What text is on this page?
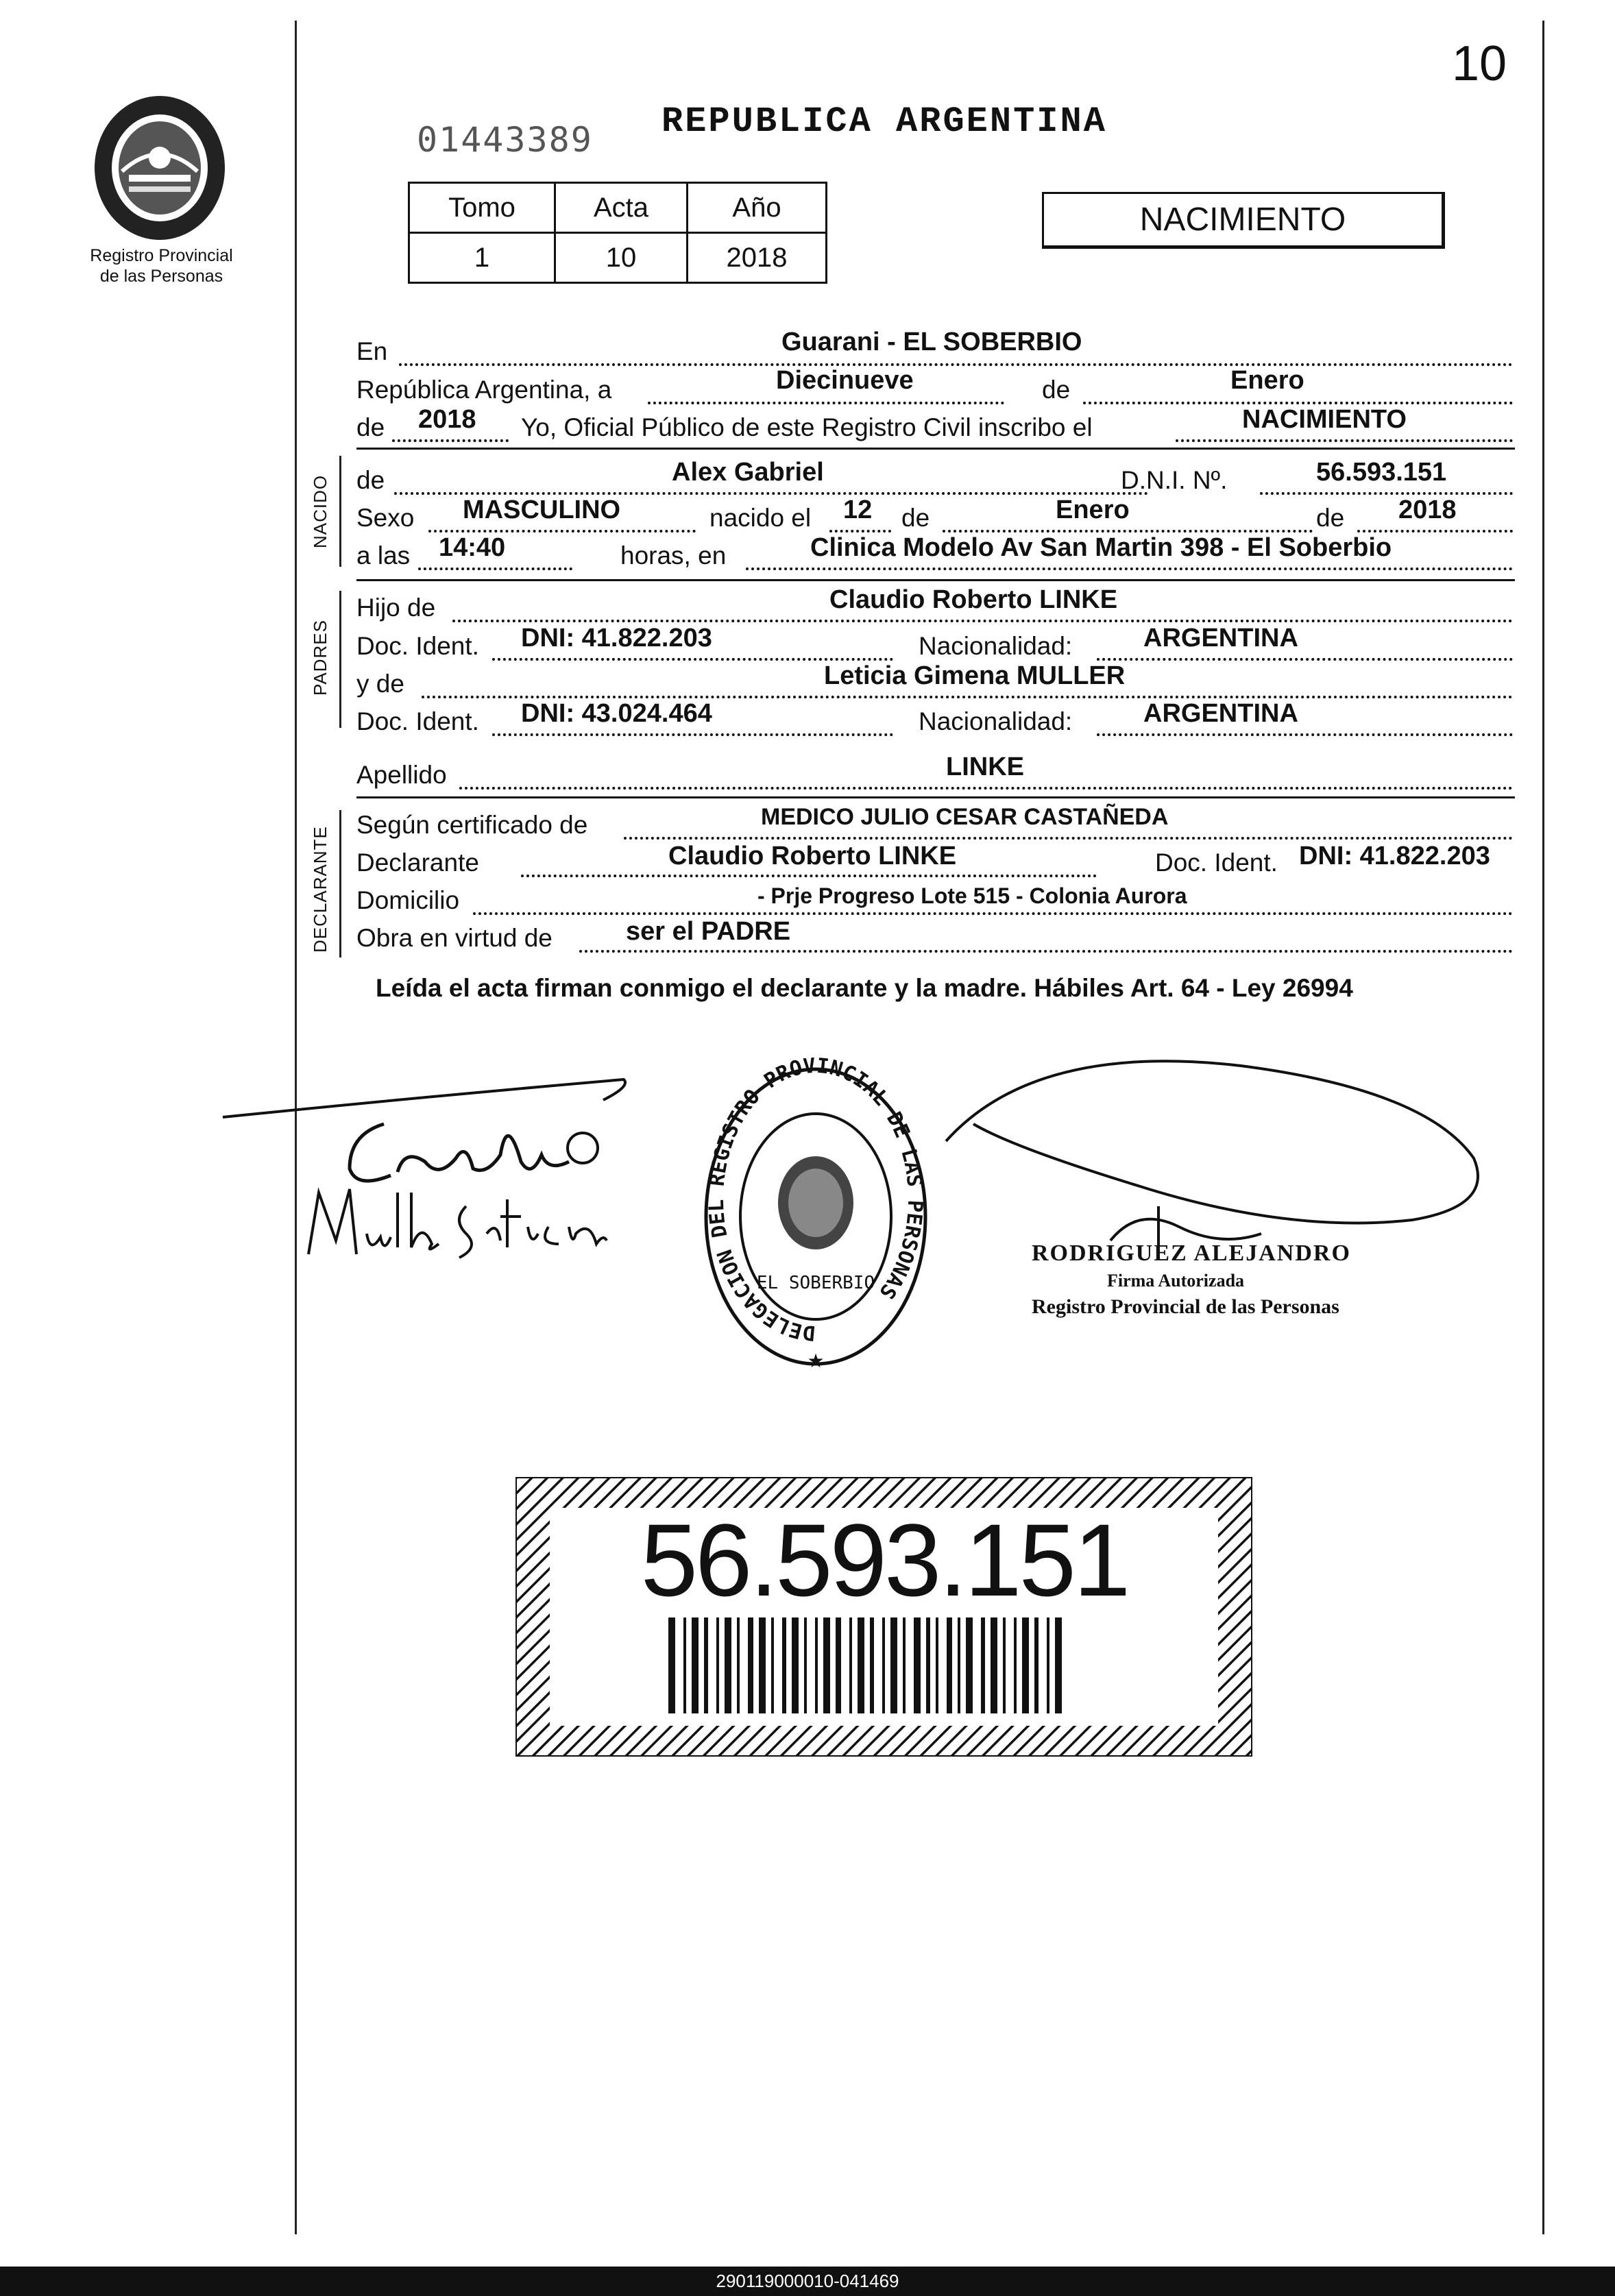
10
Registro Provincial
de las Personas
01443389 REPUBLICA ARGENTINA
Tomo	Acta	Año
1	10	2018
NACIMIENTO
En	Guarani - EL SOBERBIO
República Argentina, a	Diecinueve	de	Enero
de 2018 Yo, Oficial Público de este Registro Civil inscribo el	NACIMIENTO
NACIDO de	Alex Gabriel	D.N.I. Nº.	56.593.151
Sexo MASCULINO	nacido el 12 de	Enero	de 2018
a las 14:40	horas, en	Clinica Modelo Av San Martin 398 - El Soberbio
PADRES
Hijo de	Claudio Roberto LINKE
Doc. Ident. DNI: 41.822.203	Nacionalidad:	ARGENTINA
y de	Leticia Gimena MULLER
Doc. Ident. DNI: 43.024.464	Nacionalidad:	ARGENTINA
Apellido	LINKE
DECLARANTE
Según certificado de	MEDICO JULIO CESAR CASTAÑEDA
Declarante	Claudio Roberto LINKE	Doc. Ident. DNI: 41.822.203
Domicilio	- Prje Progreso Lote 515 - Colonia Aurora
Obra en virtud de	ser el PADRE
Leída el acta firman conmigo el declarante y la madre. Hábiles Art. 64 - Ley 26994
DELEGACION DEL REGISTRO PROVINCIAL DE LAS PERSONAS
EL SOBERBIO
★
RODRIGUEZ ALEJANDRO
Firma Autorizada
Registro Provincial de las Personas
56.593.151
290119000010-041469
